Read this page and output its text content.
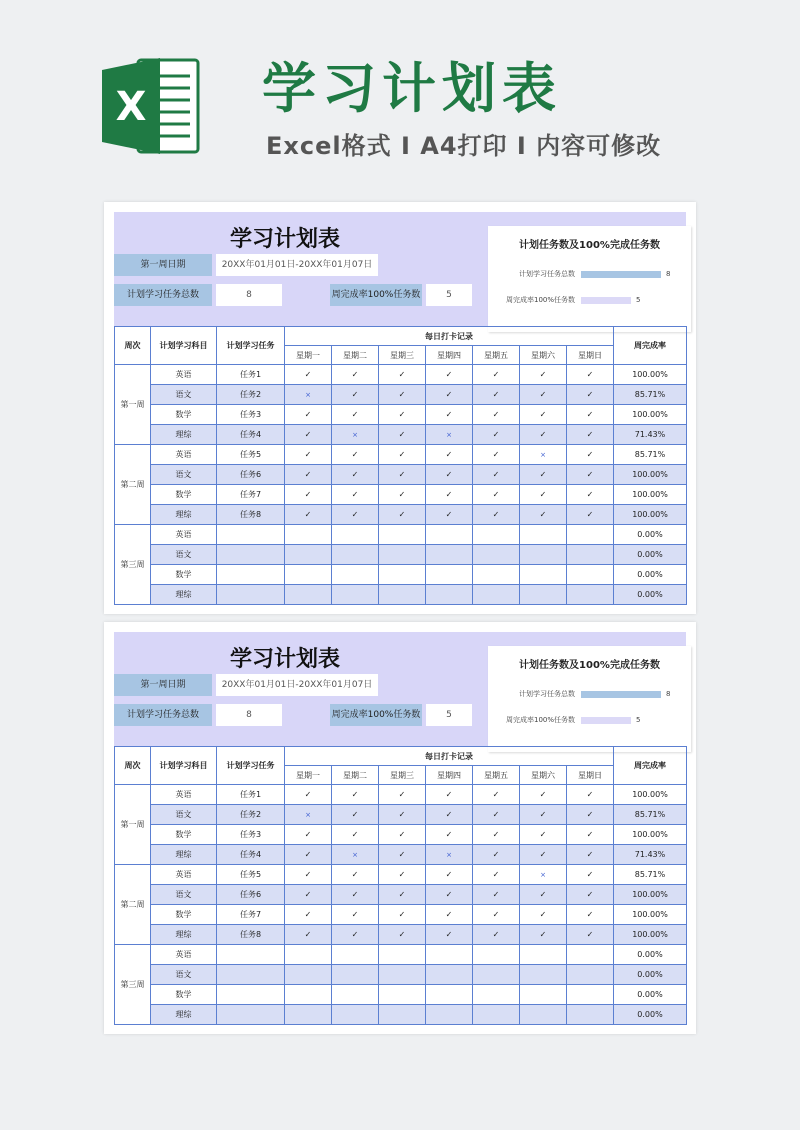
X 学习计划表
Excel格式 I A4打印 I 内容可修改
学习计划表
第一周日期	20XX年01月01日-20XX年01月07日
计划学习任务总数	8	周完成率100%任务数	5
计划任务数及100%完成任务数
计划学习任务总数	8
周完成率100%任务数	5
周次	计划学习科目	计划学习任务	每日打卡记录							周完成率
			星期一	星期二	星期三	星期四	星期五	星期六	星期日	
第一周	英语	任务1	✓	✓	✓	✓	✓	✓	✓	100.00%
	语文	任务2	×	✓	✓	✓	✓	✓	✓	85.71%
	数学	任务3	✓	✓	✓	✓	✓	✓	✓	100.00%
	理综	任务4	✓	×	✓	×	✓	✓	✓	71.43%
第二周	英语	任务5	✓	✓	✓	✓	✓	×	✓	85.71%
	语文	任务6	✓	✓	✓	✓	✓	✓	✓	100.00%
	数学	任务7	✓	✓	✓	✓	✓	✓	✓	100.00%
	理综	任务8	✓	✓	✓	✓	✓	✓	✓	100.00%
第三周	英语									0.00%
	语文									0.00%
	数学									0.00%
	理综									0.00%
学习计划表
第一周日期	20XX年01月01日-20XX年01月07日
计划学习任务总数	8	周完成率100%任务数	5
计划任务数及100%完成任务数
计划学习任务总数	8
周完成率100%任务数	5
周次	计划学习科目	计划学习任务	每日打卡记录							周完成率
			星期一	星期二	星期三	星期四	星期五	星期六	星期日	
第一周	英语	任务1	✓	✓	✓	✓	✓	✓	✓	100.00%
	语文	任务2	×	✓	✓	✓	✓	✓	✓	85.71%
	数学	任务3	✓	✓	✓	✓	✓	✓	✓	100.00%
	理综	任务4	✓	×	✓	×	✓	✓	✓	71.43%
第二周	英语	任务5	✓	✓	✓	✓	✓	×	✓	85.71%
	语文	任务6	✓	✓	✓	✓	✓	✓	✓	100.00%
	数学	任务7	✓	✓	✓	✓	✓	✓	✓	100.00%
	理综	任务8	✓	✓	✓	✓	✓	✓	✓	100.00%
第三周	英语									0.00%
	语文									0.00%
	数学									0.00%
	理综									0.00%
